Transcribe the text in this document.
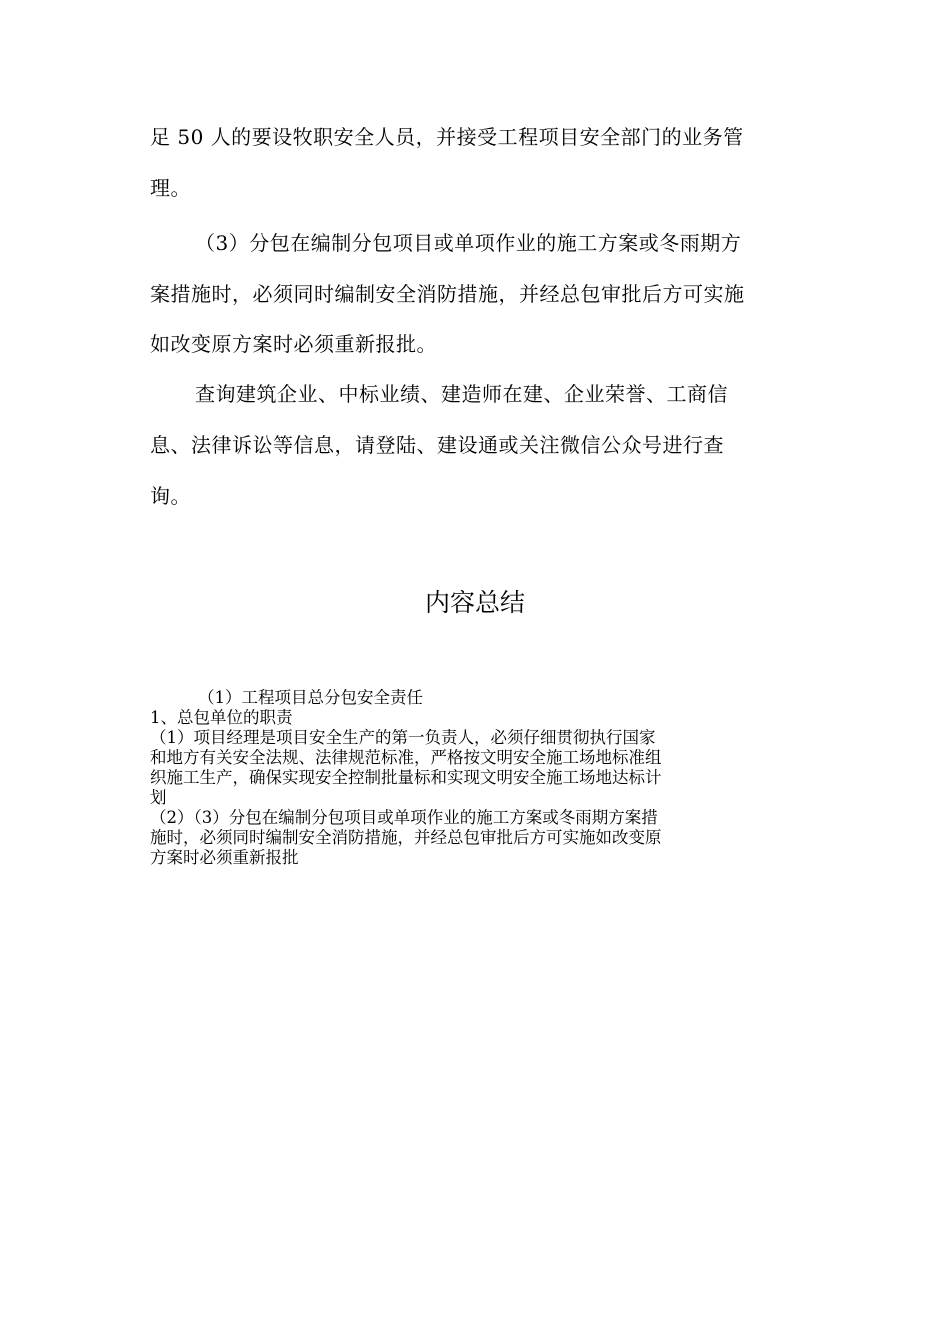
足 50 人的要设牧职安全人员，并接受工程项目安全部门的业务管
理。
（3）分包在编制分包项目或单项作业的施工方案或冬雨期方
案措施时，必须同时编制安全消防措施，并经总包审批后方可实施
如改变原方案时必须重新报批。
查询建筑企业、中标业绩、建造师在建、企业荣誉、工商信
息、法律诉讼等信息，请登陆、建设通或关注微信公众号进行查
询。
内容总结
（1）工程项目总分包安全责任
1、总包单位的职责
（1）项目经理是项目安全生产的第一负责人，必须仔细贯彻执行国家
和地方有关安全法规、法律规范标准，严格按文明安全施工场地标准组
织施工生产，确保实现安全控制批量标和实现文明安全施工场地达标计
划
（2）（3）分包在编制分包项目或单项作业的施工方案或冬雨期方案措
施时，必须同时编制安全消防措施，并经总包审批后方可实施如改变原
方案时必须重新报批
